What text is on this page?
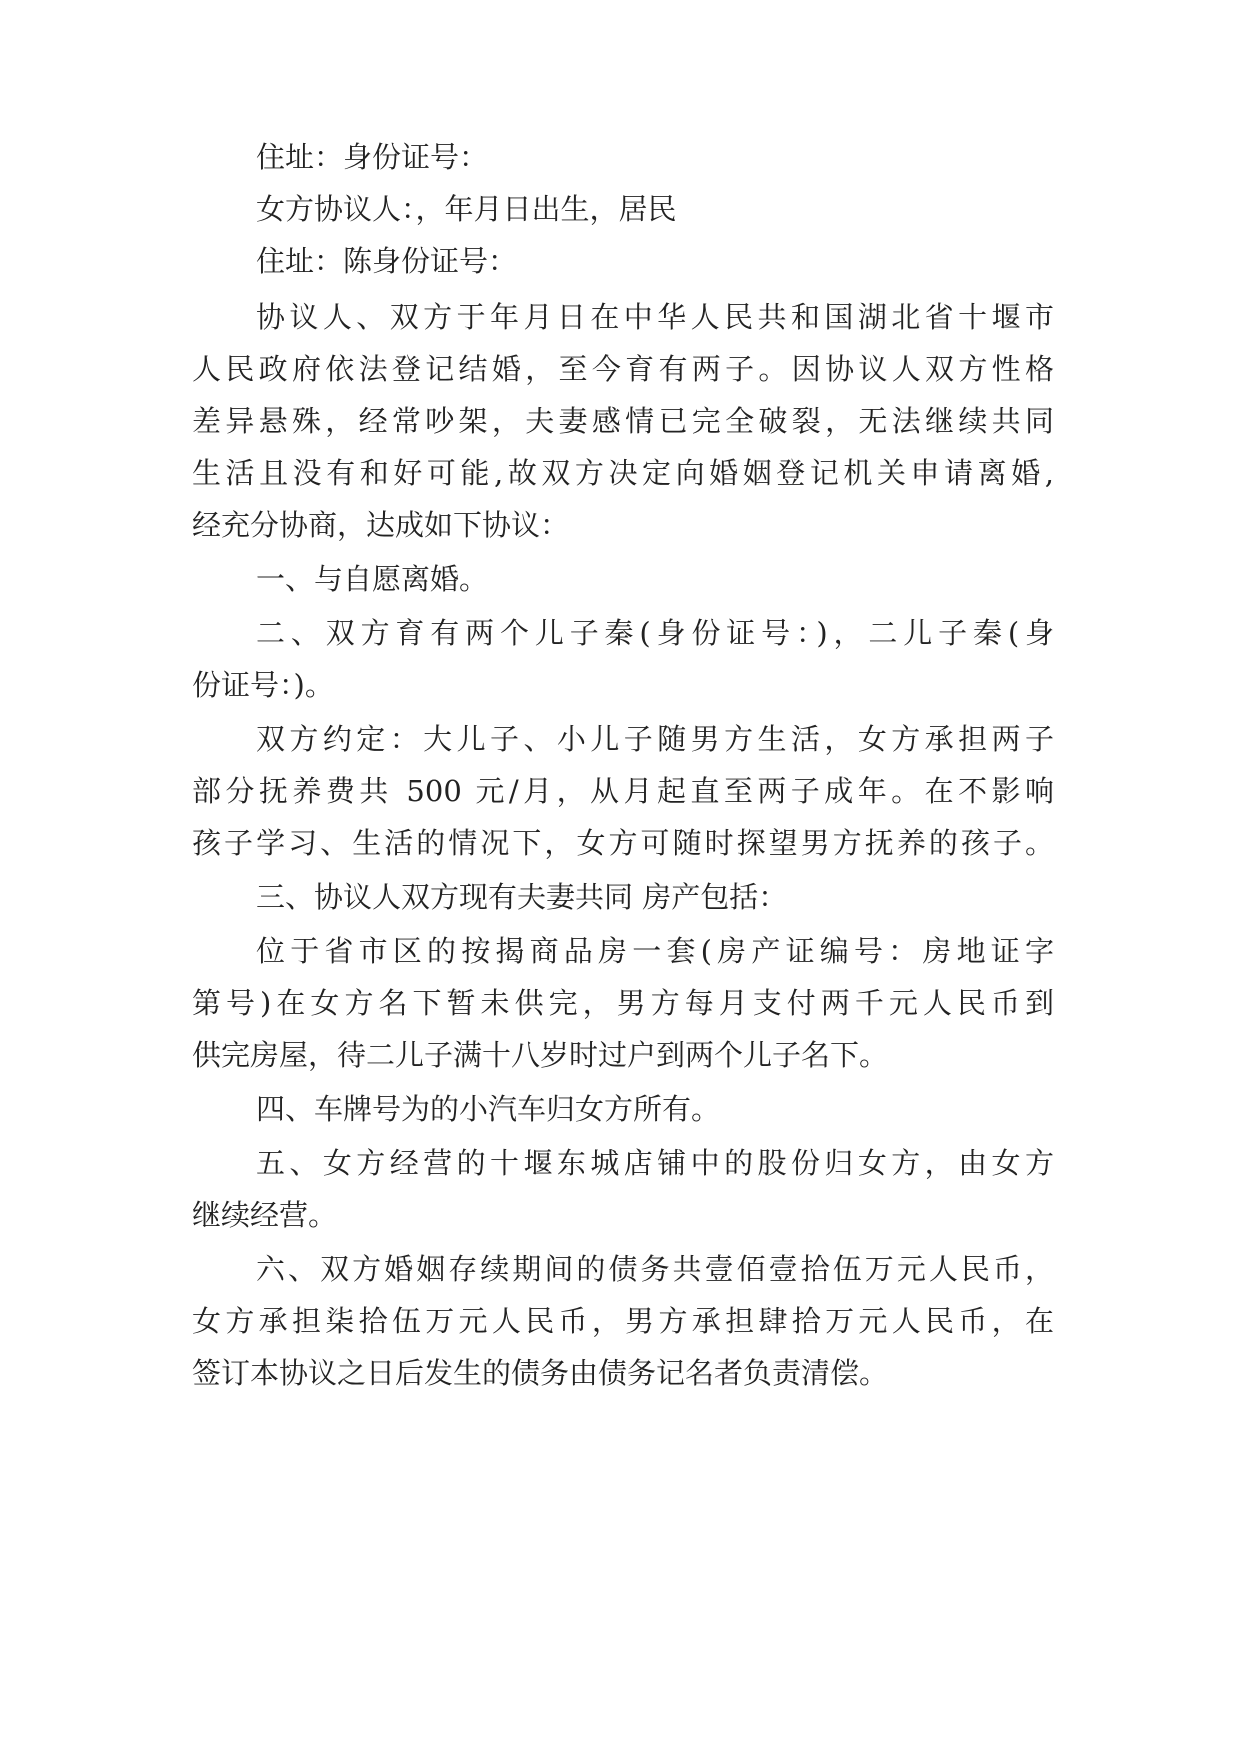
住址：身份证号：
女方协议人：，年月日出生，居民
住址：陈身份证号：
协议人、双方于年月日在中华人民共和国湖北省十堰市
人民政府依法登记结婚，至今育有两子。因协议人双方性格
差异悬殊，经常吵架，夫妻感情已完全破裂，无法继续共同
生活且没有和好可能,故双方决定向婚姻登记机关申请离婚,
经充分协商，达成如下协议：
一、与自愿离婚。
二、双方育有两个儿子秦(身份证号：)，二儿子秦(身
份证号：)。
双方约定：大儿子、小儿子随男方生活，女方承担两子
部分抚养费共 500 元/月，从月起直至两子成年。在不影响
孩子学习、生活的情况下，女方可随时探望男方抚养的孩子。
三、协议人双方现有夫妻共同 房产包括：
位于省市区的按揭商品房一套(房产证编号：房地证字
第号)在女方名下暂未供完，男方每月支付两千元人民币到
供完房屋，待二儿子满十八岁时过户到两个儿子名下。
四、车牌号为的小汽车归女方所有。
五、女方经营的十堰东城店铺中的股份归女方，由女方
继续经营。
六、双方婚姻存续期间的债务共壹佰壹拾伍万元人民币，
女方承担柒拾伍万元人民币，男方承担肆拾万元人民币，在
签订本协议之日后发生的债务由债务记名者负责清偿。
